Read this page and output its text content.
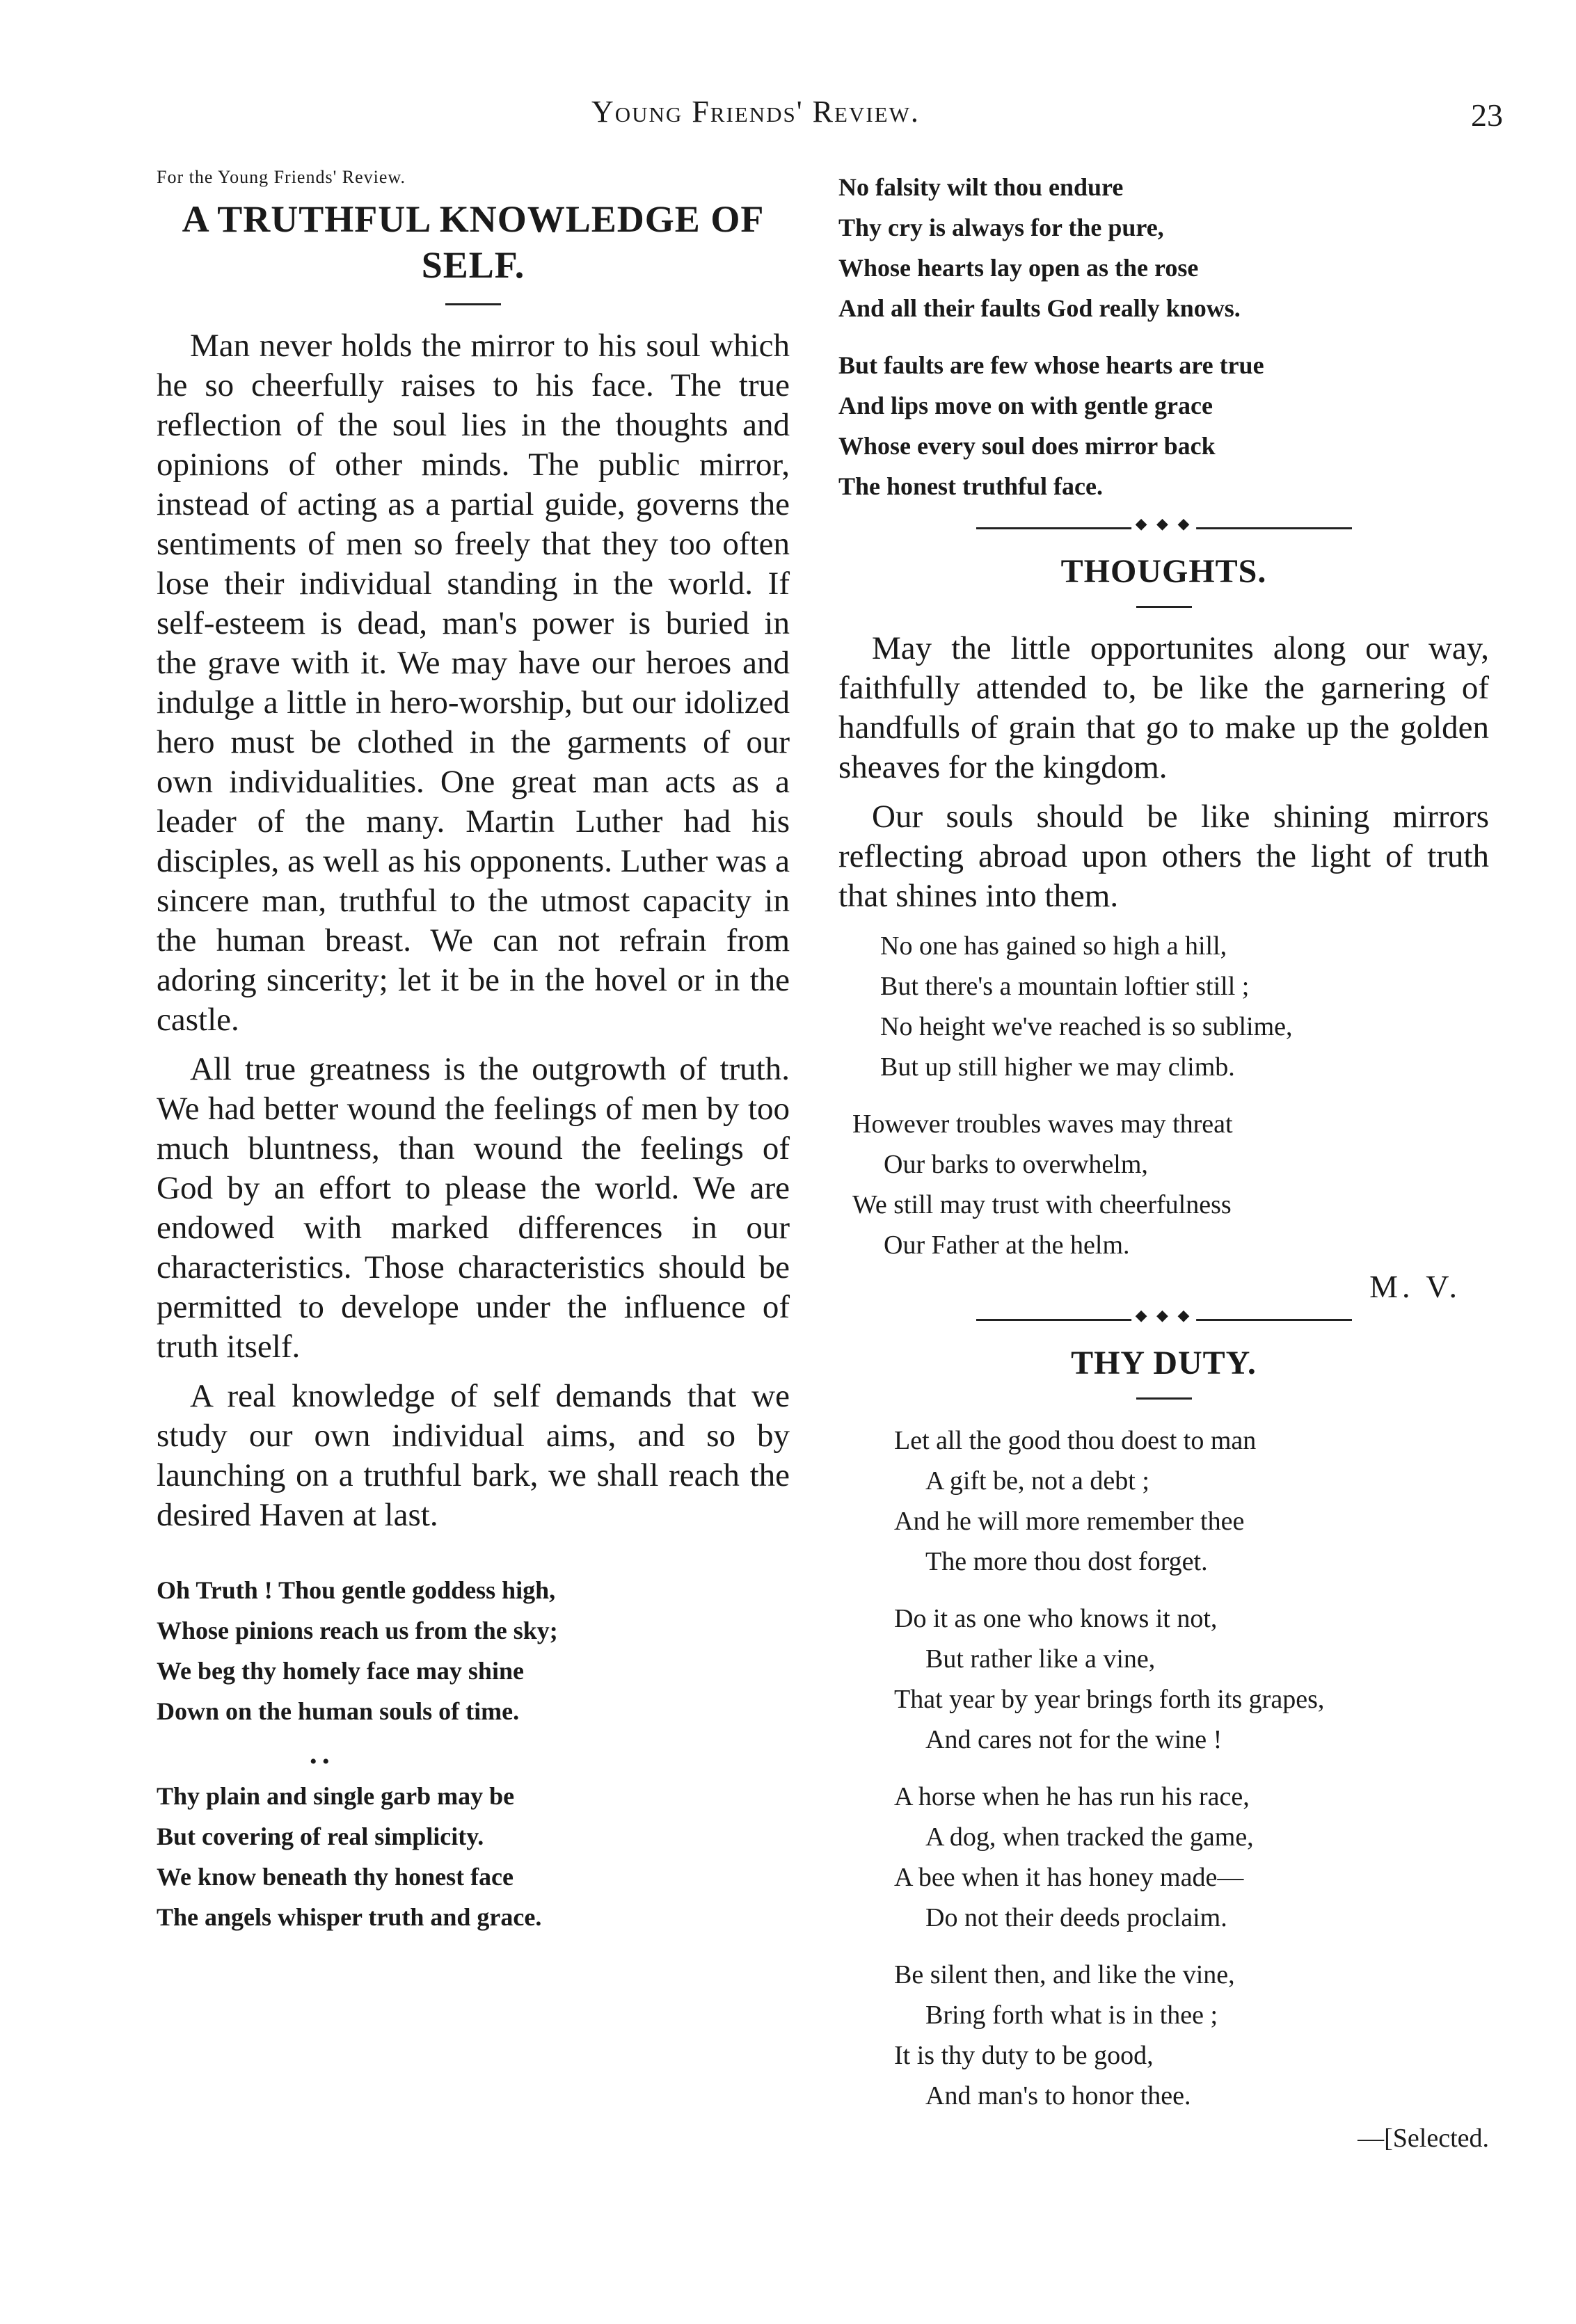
Young Friends' Review.	23
For the Young Friends' Review.
A TRUTHFUL KNOWLEDGE OF SELF.

Man never holds the mirror to his soul which he so cheerfully raises to his face. The true reflection of the soul lies in the thoughts and opinions of other minds. The public mirror, instead of acting as a partial guide, governs the sentiments of men so freely that they too often lose their individual standing in the world. If self-esteem is dead, man's power is buried in the grave with it. We may have our heroes and indulge a little in hero-worship, but our idolized hero must be clothed in the garments of our own individualities. One great man acts as a leader of the many. Martin Luther had his disciples, as well as his opponents. Luther was a sincere man, truthful to the utmost capacity in the human breast. We can not refrain from adoring sincerity; let it be in the hovel or in the castle.

All true greatness is the outgrowth of truth. We had better wound the feelings of men by too much bluntness, than wound the feelings of God by an effort to please the world. We are endowed with marked differences in our characteristics. Those characteristics should be permitted to develope under the influence of truth itself.

A real knowledge of self demands that we study our own individual aims, and so by launching on a truthful bark, we shall reach the desired Haven at last.

Oh Truth ! Thou gentle goddess high,
Whose pinions reach us from the sky;
We beg thy homely face may shine
Down on the human souls of time.
• •
Thy plain and single garb may be
But covering of real simplicity.
We know beneath thy honest face
The angels whisper truth and grace.
No falsity wilt thou endure
Thy cry is always for the pure,
Whose hearts lay open as the rose
And all their faults God really knows.
But faults are few whose hearts are true
And lips move on with gentle grace
Whose every soul does mirror back
The honest truthful face.
◆ ◆ ◆
THOUGHTS.

May the little opportunites along our way, faithfully attended to, be like the garnering of handfulls of grain that go to make up the golden sheaves for the kingdom.

Our souls should be like shining mirrors reflecting abroad upon others the light of truth that shines into them.

No one has gained so high a hill,
But there's a mountain loftier still ;
No height we've reached is so sublime,
But up still higher we may climb.
However troubles waves may threat
Our barks to overwhelm,
We still may trust with cheerfulness
Our Father at the helm.
M. V.
◆ ◆ ◆
THY DUTY.
Let all the good thou doest to man
A gift be, not a debt ;
And he will more remember thee
The more thou dost forget.
Do it as one who knows it not,
But rather like a vine,
That year by year brings forth its grapes,
And cares not for the wine !
A horse when he has run his race,
A dog, when tracked the game,
A bee when it has honey made—
Do not their deeds proclaim.
Be silent then, and like the vine,
Bring forth what is in thee ;
It is thy duty to be good,
And man's to honor thee.
—[Selected.
